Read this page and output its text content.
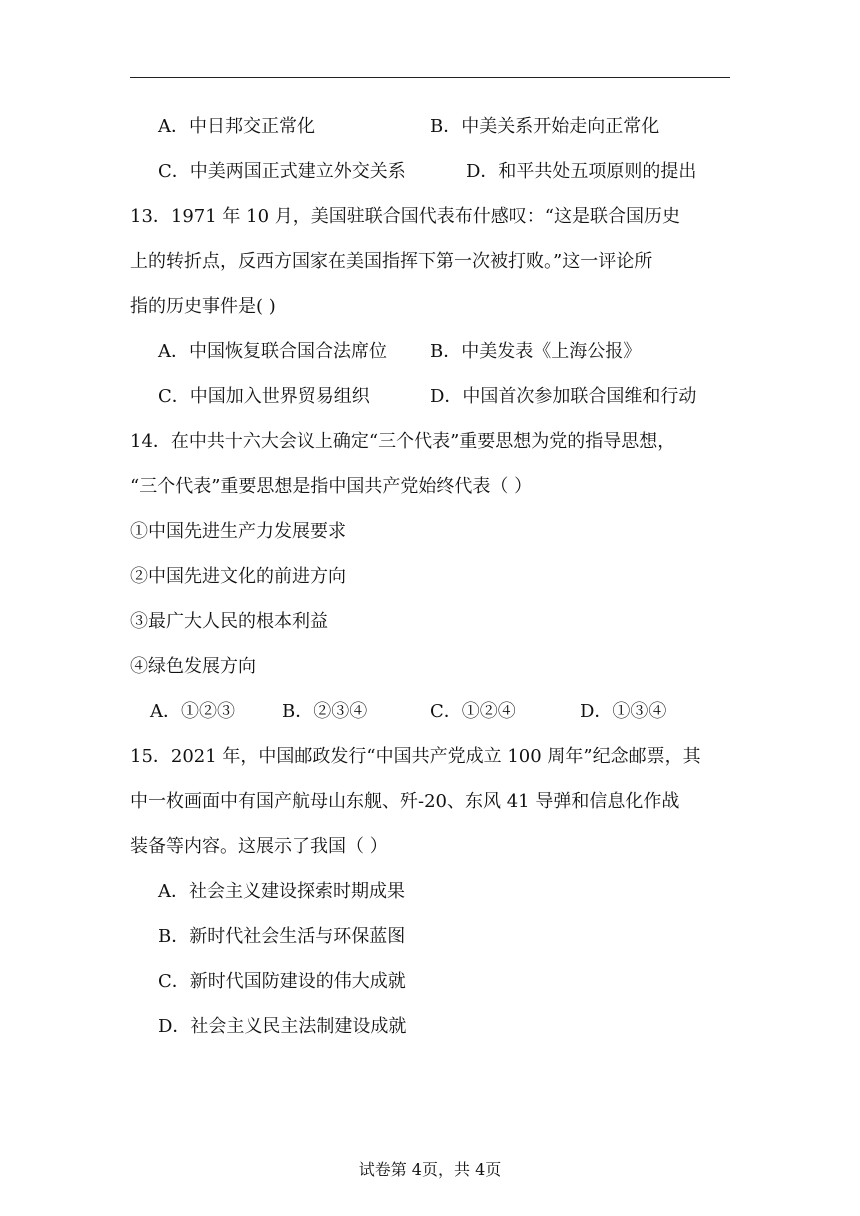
A．中日邦交正常化	B．中美关系开始走向正常化
C．中美两国正式建立外交关系	D．和平共处五项原则的提出
13．1971 年 10 月，美国驻联合国代表布什感叹：“这是联合国历史
上的转折点，反西方国家在美国指挥下第一次被打败。”这一评论所
指的历史事件是( )
A．中国恢复联合国合法席位 B．中美发表《上海公报》
C．中国加入世界贸易组织	D．中国首次参加联合国维和行动
14．在中共十六大会议上确定“三个代表”重要思想为党的指导思想，
“三个代表”重要思想是指中国共产党始终代表（ ）
①中国先进生产力发展要求
②中国先进文化的前进方向
③最广大人民的根本利益
④绿色发展方向
A．①②③	B．②③④	C．①②④	D．①③④
15．2021 年，中国邮政发行“中国共产党成立 100 周年”纪念邮票，其
中一枚画面中有国产航母山东舰、歼-20、东风 41 导弹和信息化作战
装备等内容。这展示了我国（ ）
A．社会主义建设探索时期成果
B．新时代社会生活与环保蓝图
C．新时代国防建设的伟大成就
D．社会主义民主法制建设成就
试卷第 4页，共 4页
